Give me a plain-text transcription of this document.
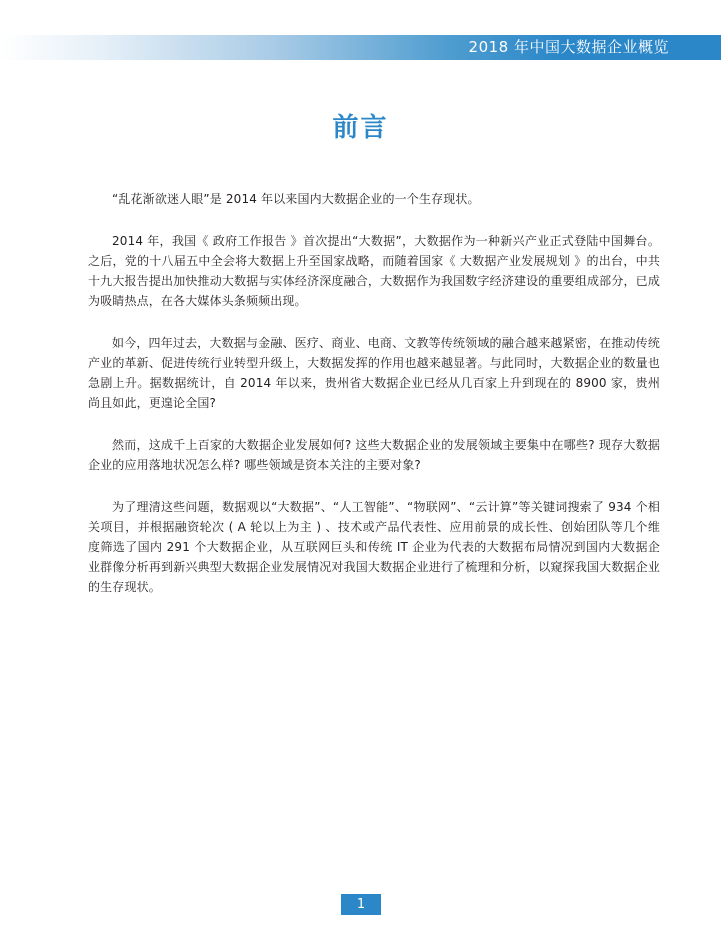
2018 年中国大数据企业概览
前言

“乱花渐欲迷人眼”是 2014 年以来国内大数据企业的一个生存现状。

2014 年，我国《 政府工作报告 》首次提出“大数据”，大数据作为一种新兴产业正式登陆中国舞台。之后，党的十八届五中全会将大数据上升至国家战略，而随着国家《 大数据产业发展规划 》的出台，中共十九大报告提出加快推动大数据与实体经济深度融合，大数据作为我国数字经济建设的重要组成部分，已成为吸睛热点，在各大媒体头条频频出现。

如今，四年过去，大数据与金融、医疗、商业、电商、文教等传统领域的融合越来越紧密，在推动传统产业的革新、促进传统行业转型升级上，大数据发挥的作用也越来越显著。与此同时，大数据企业的数量也急剧上升。据数据统计，自 2014 年以来，贵州省大数据企业已经从几百家上升到现在的 8900 家，贵州尚且如此，更遑论全国?

然而，这成千上百家的大数据企业发展如何? 这些大数据企业的发展领域主要集中在哪些? 现存大数据企业的应用落地状况怎么样? 哪些领域是资本关注的主要对象?

为了理清这些问题，数据观以“大数据”、“人工智能”、“物联网”、“云计算”等关键词搜索了 934 个相关项目，并根据融资轮次 ( A 轮以上为主 ) 、技术或产品代表性、应用前景的成长性、创始团队等几个维度筛选了国内 291 个大数据企业，从互联网巨头和传统 IT 企业为代表的大数据布局情况到国内大数据企业群像分析再到新兴典型大数据企业发展情况对我国大数据企业进行了梳理和分析，以窥探我国大数据企业的生存现状。

1
